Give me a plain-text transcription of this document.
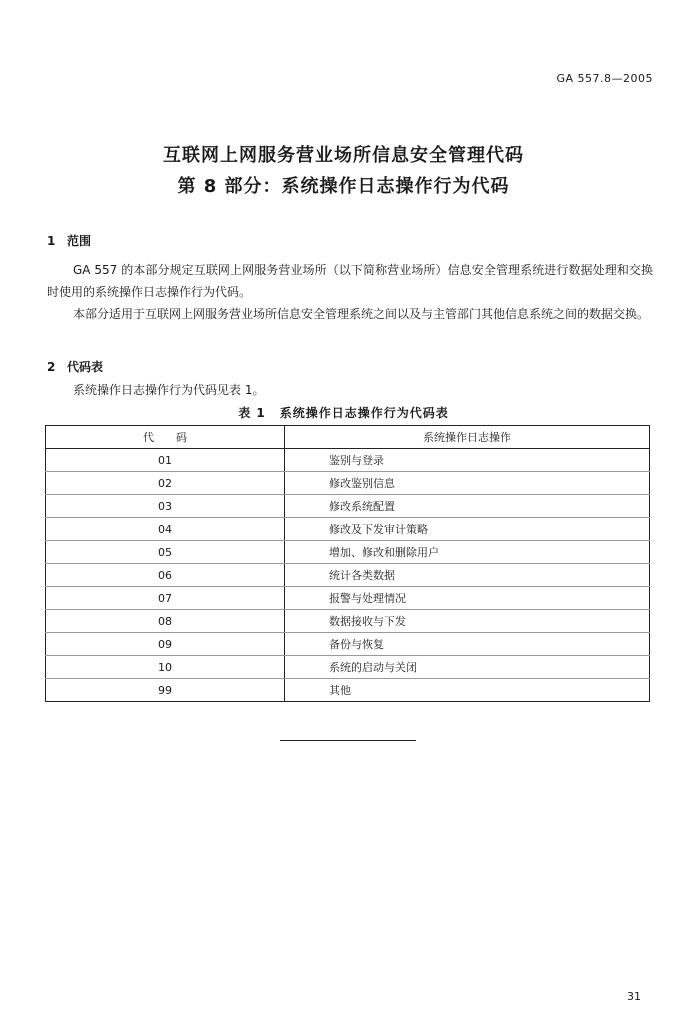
GA 557.8—2005
互联网上网服务营业场所信息安全管理代码
第 8 部分：系统操作日志操作行为代码
1 范围
GA 557 的本部分规定互联网上网服务营业场所（以下简称营业场所）信息安全管理系统进行数据处理和交换时使用的系统操作日志操作行为代码。
本部分适用于互联网上网服务营业场所信息安全管理系统之间以及与主管部门其他信息系统之间的数据交换。
2 代码表
系统操作日志操作行为代码见表 1。
表 1 系统操作日志操作行为代码表
代　　码	系统操作日志操作
01	鉴别与登录
02	修改鉴别信息
03	修改系统配置
04	修改及下发审计策略
05	增加、修改和删除用户
06	统计各类数据
07	报警与处理情况
08	数据接收与下发
09	备份与恢复
10	系统的启动与关闭
99	其他
31
